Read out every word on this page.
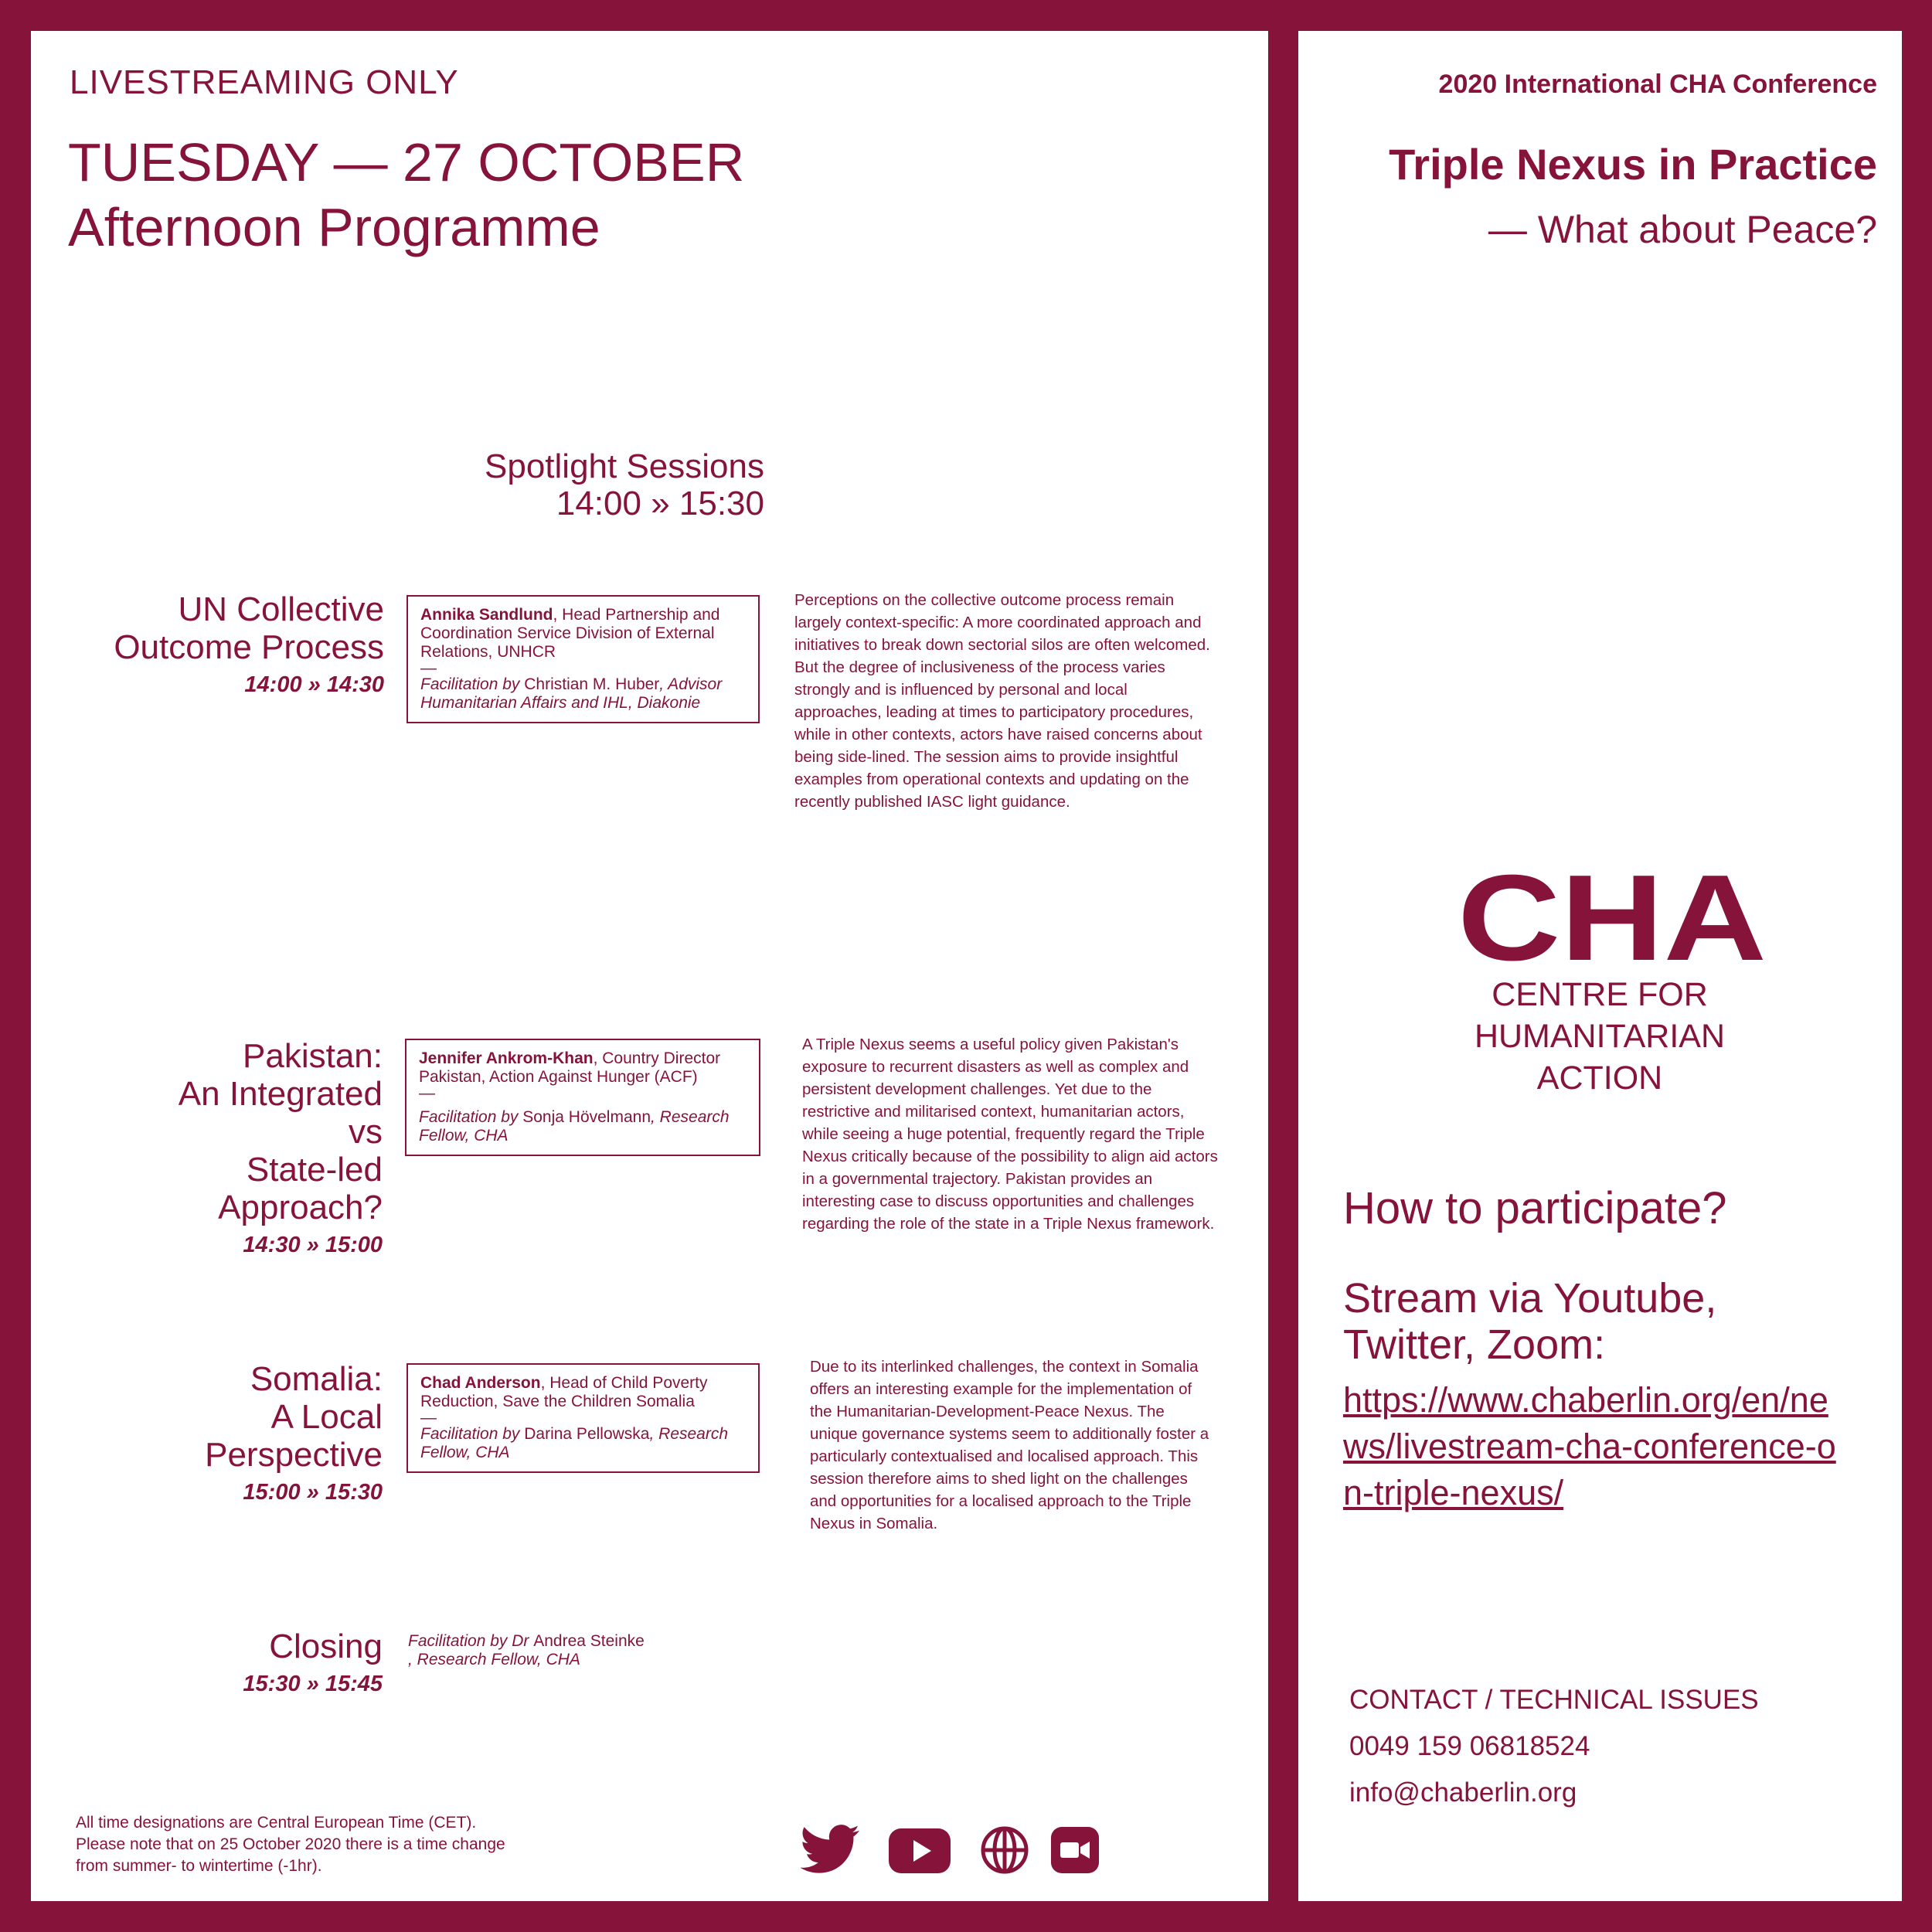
LIVESTREAMING ONLY
TUESDAY — 27 OCTOBER
Afternoon Programme
Spotlight Sessions
14:00 » 15:30
UN Collective
Outcome Process
14:00 » 14:30
Annika Sandlund, Head Partnership and Coordination Service Division of External Relations, UNHCR
—
Facilitation by Christian M. Huber, Advisor Humanitarian Affairs and IHL, Diakonie
Perceptions on the collective outcome process remain largely context-specific: A more coordinated approach and initiatives to break down sectorial silos are often welcomed. But the degree of inclusiveness of the process varies strongly and is influenced by personal and local approaches, leading at times to participatory procedures, while in other contexts, actors have raised concerns about being side-lined. The session aims to provide insightful examples from operational contexts and updating on the recently published IASC light guidance.
Pakistan:
An Integrated
vs
State-led
Approach?
14:30 » 15:00
Jennifer Ankrom-Khan, Country Director Pakistan, Action Against Hunger (ACF)
—
Facilitation by Sonja Hövelmann, Research Fellow, CHA
A Triple Nexus seems a useful policy given Pakistan's exposure to recurrent disasters as well as complex and persistent development challenges. Yet due to the restrictive and militarised context, humanitarian actors, while seeing a huge potential, frequently regard the Triple Nexus critically because of the possibility to align aid actors in a governmental trajectory. Pakistan provides an interesting case to discuss opportunities and challenges regarding the role of the state in a Triple Nexus framework.
Somalia:
A Local
Perspective
15:00 » 15:30
Chad Anderson, Head of Child Poverty Reduction, Save the Children Somalia
—
Facilitation by Darina Pellowska, Research Fellow, CHA
Due to its interlinked challenges, the context in Somalia offers an interesting example for the implementation of the Humanitarian-Development-Peace Nexus. The unique governance systems seem to additionally foster a particularly contextualised and localised approach. This session therefore aims to shed light on the challenges and opportunities for a localised approach to the Triple Nexus in Somalia.
Closing
15:30 » 15:45
Facilitation by Dr Andrea Steinke
, Research Fellow, CHA
All time designations are Central European Time (CET).
Please note that on 25 October 2020 there is a time change
from summer- to wintertime (-1hr).
2020 International CHA Conference
Triple Nexus in Practice
— What about Peace?
CHA
CENTRE FOR
HUMANITARIAN
ACTION
How to participate?
Stream via Youtube,
Twitter, Zoom:
https://www.chaberlin.org/en/news/livestream-cha-conference-on-triple-nexus/
CONTACT / TECHNICAL ISSUES
0049 159 06818524
info@chaberlin.org
